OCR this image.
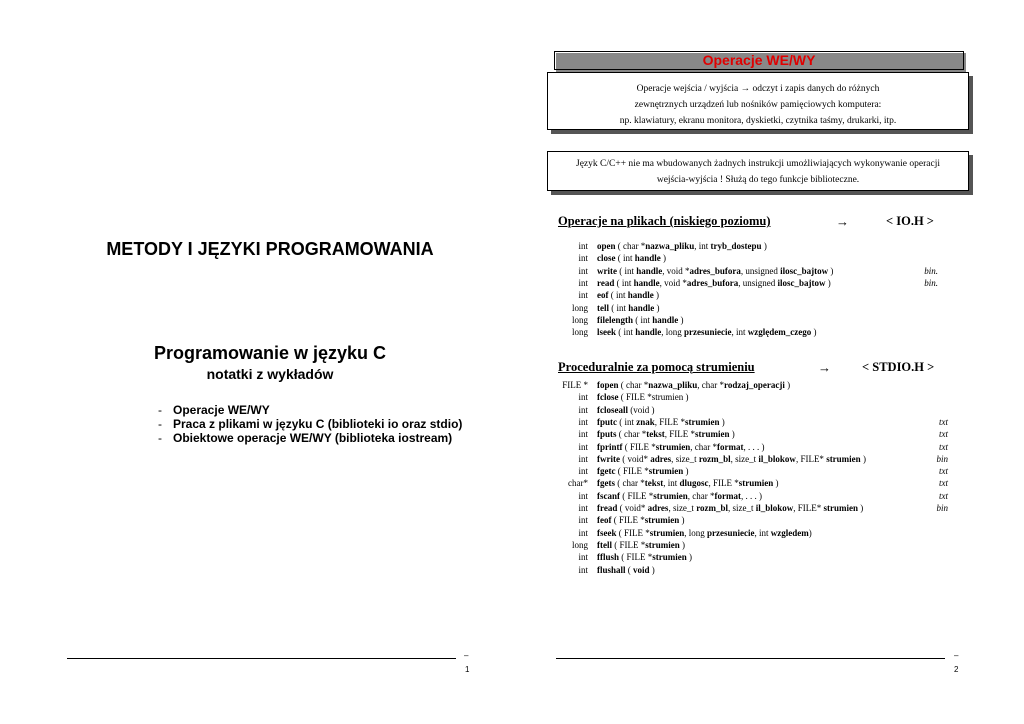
METODY I JĘZYKI PROGRAMOWANIA
Programowanie w języku C
notatki z wykładów
- Operacje WE/WY
- Praca z plikami w języku C (biblioteki io oraz stdio)
- Obiektowe operacje WE/WY (biblioteka iostream)
–
1
Operacje WE/WY
Operacje wejścia / wyjścia → odczyt i zapis danych do różnych
zewnętrznych urządzeń lub nośników pamięciowych komputera:
np. klawiatury, ekranu monitora, dyskietki, czytnika taśmy, drukarki, itp.
Język C/C++ nie ma wbudowanych żadnych instrukcji umożliwiających wykonywanie operacji
wejścia-wyjścia ! Służą do tego funkcje biblioteczne.
Operacje na plikach (niskiego poziomu)	→	< IO.H >
int open ( char *nazwa_pliku, int tryb_dostepu )
int close ( int handle )
int write ( int handle, void *adres_bufora, unsigned ilosc_bajtow )	bin.
int read ( int handle, void *adres_bufora, unsigned ilosc_bajtow )	bin.
int eof ( int handle )
long tell ( int handle )
long filelength ( int handle )
long lseek ( int handle, long przesuniecie, int względem_czego )
Proceduralnie za pomocą strumieniu	→ < STDIO.H >
FILE * fopen ( char *nazwa_pliku, char *rodzaj_operacji )
int fclose ( FILE *strumien )
int fcloseall (void )
int fputc ( int znak, FILE *strumien )	txt
int fputs ( char *tekst, FILE *strumien )	txt
int fprintf ( FILE *strumien, char *format, . . . )	txt
int fwrite ( void* adres, size_t rozm_bl, size_t il_blokow, FILE* strumien )	bin
int fgetc ( FILE *strumien )	txt
char* fgets ( char *tekst, int dlugosc, FILE *strumien )	txt
int fscanf ( FILE *strumien, char *format, . . . )	txt
int fread ( void* adres, size_t rozm_bl, size_t il_blokow, FILE* strumien )	bin
int feof ( FILE *strumien )
int fseek ( FILE *strumien, long przesuniecie, int wzgledem)
long ftell ( FILE *strumien )
int fflush ( FILE *strumien )
int flushall ( void )
–
2
